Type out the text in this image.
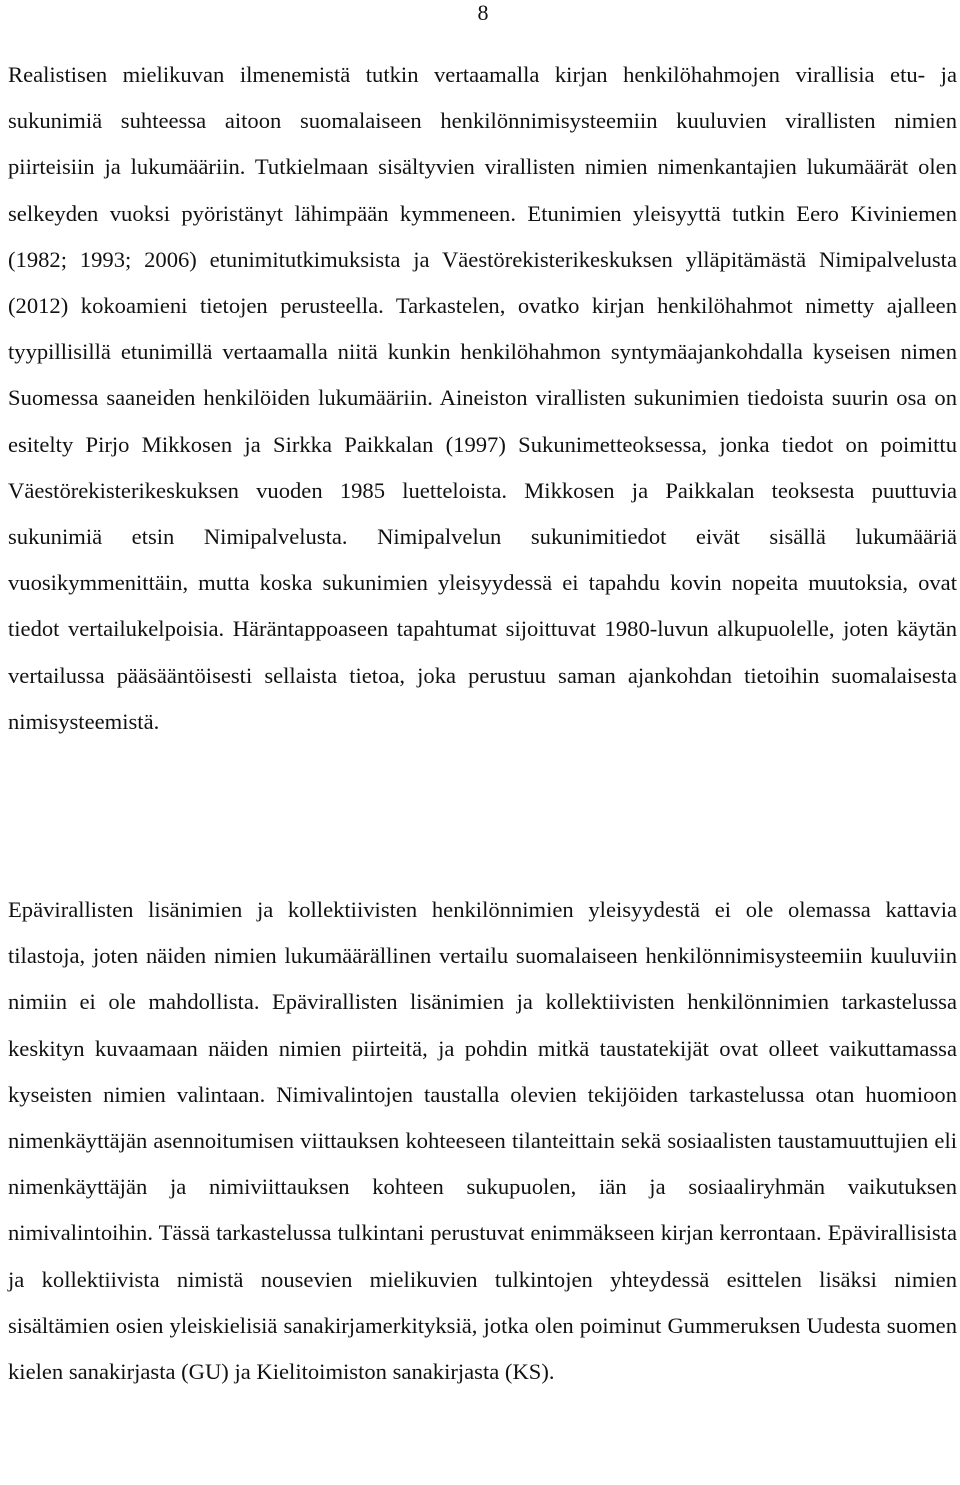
8

Realistisen mielikuvan ilmenemistä tutkin vertaamalla kirjan henkilöhahmojen virallisia etu- ja sukunimiä suhteessa aitoon suomalaiseen henkilönnimisysteemiin kuuluvien virallisten nimien piirteisiin ja lukumääriin. Tutkielmaan sisältyvien virallisten nimien nimenkantajien lukumäärät olen selkeyden vuoksi pyöristänyt lähimpään kymmeneen. Etunimien yleisyyttä tutkin Eero Kiviniemen (1982; 1993; 2006) etunimitutkimuksista ja Väestörekisterikeskuksen ylläpitämästä Nimipalvelusta (2012) kokoamieni tietojen perusteella. Tarkastelen, ovatko kirjan henkilöhahmot nimetty ajalleen tyypillisillä etunimillä vertaamalla niitä kunkin henkilöhahmon syntymäajankohdalla kyseisen nimen Suomessa saaneiden henkilöiden lukumääriin. Aineiston virallisten sukunimien tiedoista suurin osa on esitelty Pirjo Mikkosen ja Sirkka Paikkalan (1997) Sukunimetteoksessa, jonka tiedot on poimittu Väestörekisterikeskuksen vuoden 1985 luetteloista. Mikkosen ja Paikkalan teoksesta puuttuvia sukunimiä etsin Nimipalvelusta. Nimipalvelun sukunimitiedot eivät sisällä lukumääriä vuosikymmenittäin, mutta koska sukunimien yleisyydessä ei tapahdu kovin nopeita muutoksia, ovat tiedot vertailukelpoisia. Häräntappoaseen tapahtumat sijoittuvat 1980-luvun alkupuolelle, joten käytän vertailussa pääsääntöisesti sellaista tietoa, joka perustuu saman ajankohdan tietoihin suomalaisesta nimisysteemistä.

Epävirallisten lisänimien ja kollektiivisten henkilönnimien yleisyydestä ei ole olemassa kattavia tilastoja, joten näiden nimien lukumäärällinen vertailu suomalaiseen henkilönnimisysteemiin kuuluviin nimiin ei ole mahdollista. Epävirallisten lisänimien ja kollektiivisten henkilönnimien tarkastelussa keskityn kuvaamaan näiden nimien piirteitä, ja pohdin mitkä taustatekijät ovat olleet vaikuttamassa kyseisten nimien valintaan. Nimivalintojen taustalla olevien tekijöiden tarkastelussa otan huomioon nimenkäyttäjän asennoitumisen viittauksen kohteeseen tilanteittain sekä sosiaalisten taustamuuttujien eli nimenkäyttäjän ja nimiviittauksen kohteen sukupuolen, iän ja sosiaaliryhmän vaikutuksen nimivalintoihin. Tässä tarkastelussa tulkintani perustuvat enimmäkseen kirjan kerrontaan. Epävirallisista ja kollektiivista nimistä nousevien mielikuvien tulkintojen yhteydessä esittelen lisäksi nimien sisältämien osien yleiskielisiä sanakirjamerkityksiä, jotka olen poiminut Gummeruksen Uudesta suomen kielen sanakirjasta (GU) ja Kielitoimiston sanakirjasta (KS).
